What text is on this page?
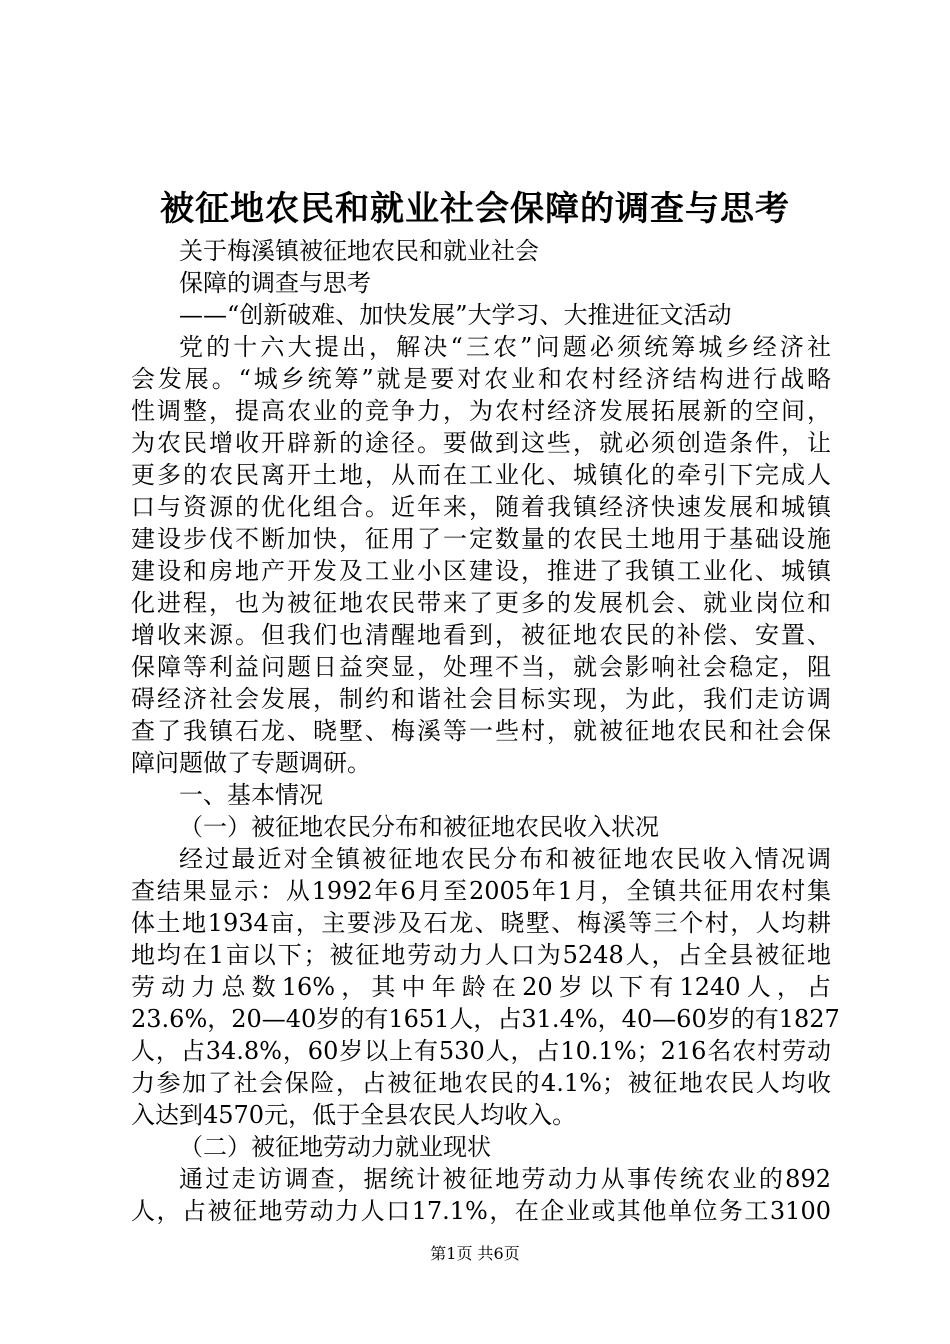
被征地农民和就业社会保障的调查与思考
关于梅溪镇被征地农民和就业社会
保障的调查与思考
——“创新破难、加快发展”大学习、大推进征文活动
党的十六大提出，解决“三农”问题必须统筹城乡经济社
会发展。“城乡统筹”就是要对农业和农村经济结构进行战略
性调整，提高农业的竞争力，为农村经济发展拓展新的空间，
为农民增收开辟新的途径。要做到这些，就必须创造条件，让
更多的农民离开土地，从而在工业化、城镇化的牵引下完成人
口与资源的优化组合。近年来，随着我镇经济快速发展和城镇
建设步伐不断加快，征用了一定数量的农民土地用于基础设施
建设和房地产开发及工业小区建设，推进了我镇工业化、城镇
化进程，也为被征地农民带来了更多的发展机会、就业岗位和
增收来源。但我们也清醒地看到，被征地农民的补偿、安置、
保障等利益问题日益突显，处理不当，就会影响社会稳定，阻
碍经济社会发展，制约和谐社会目标实现，为此，我们走访调
查了我镇石龙、晓墅、梅溪等一些村，就被征地农民和社会保
障问题做了专题调研。
一、基本情况
（一）被征地农民分布和被征地农民收入状况
经过最近对全镇被征地农民分布和被征地农民收入情况调
查结果显示：从1992年6月至2005年1月，全镇共征用农村集
体土地1934亩，主要涉及石龙、晓墅、梅溪等三个村，人均耕
地均在1亩以下；被征地劳动力人口为5248人，占全县被征地
劳动力总数16%，其中年龄在20岁以下有1240人，占
23.6%，20—40岁的有1651人，占31.4%，40—60岁的有1827
人，占34.8%，60岁以上有530人，占10.1%；216名农村劳动
力参加了社会保险，占被征地农民的4.1%；被征地农民人均收
入达到4570元，低于全县农民人均收入。
（二）被征地劳动力就业现状
通过走访调查，据统计被征地劳动力从事传统农业的892
人，占被征地劳动力人口17.1%，在企业或其他单位务工3100
第1页 共6页
